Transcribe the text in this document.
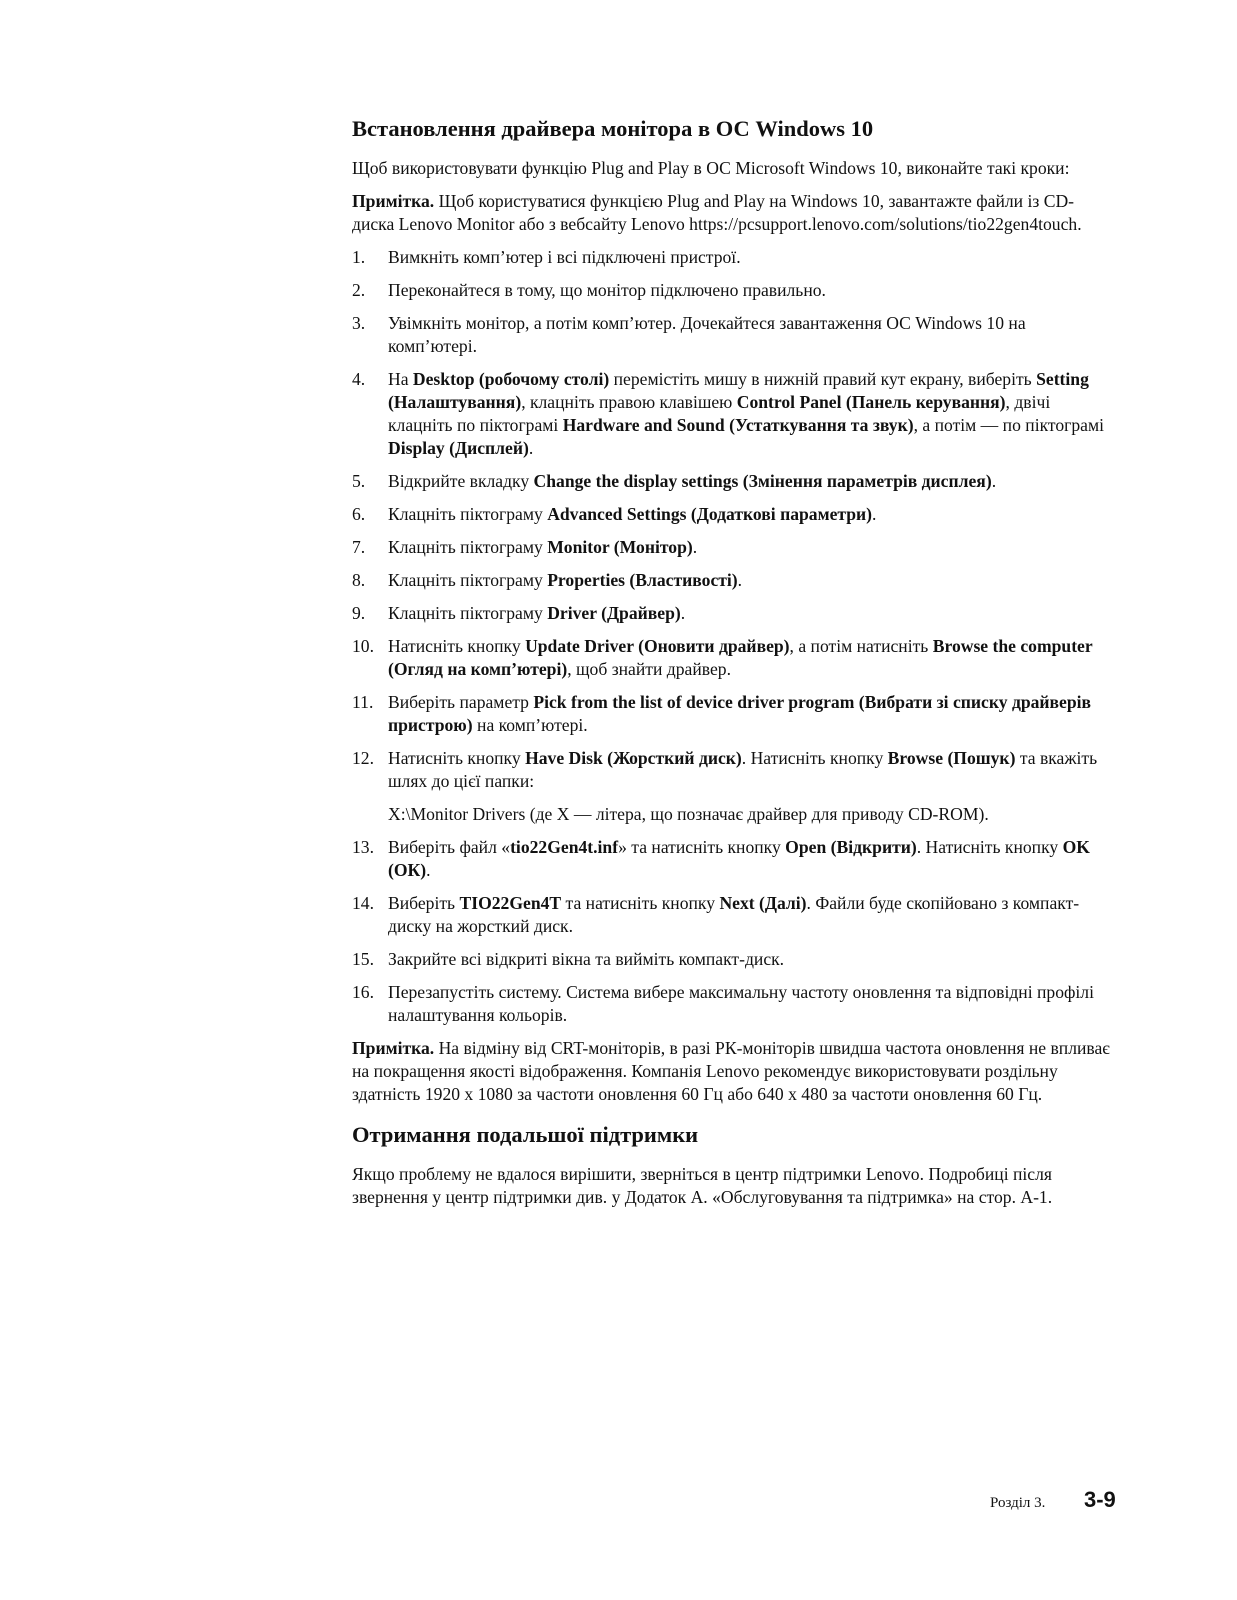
Встановлення драйвера монітора в ОС Windows 10

Щоб використовувати функцію Plug and Play в ОС Microsoft Windows 10, виконайте такі кроки:

Примітка. Щоб користуватися функцією Plug and Play на Windows 10, завантажте файли із CD-диска Lenovo Monitor або з вебсайту Lenovo https://pcsupport.lenovo.com/solutions/tio22gen4touch.

1.	Вимкніть комп’ютер і всі підключені пристрої.
2.	Переконайтеся в тому, що монітор підключено правильно.
3.	Увімкніть монітор, а потім комп’ютер. Дочекайтеся завантаження ОС Windows 10 на комп’ютері.
4.	На Desktop (робочому столі) перемістіть мишу в нижній правий кут екрану, виберіть Setting (Налаштування), клацніть правою клавішею Control Panel (Панель керування), двічі клацніть по піктограмі Hardware and Sound (Устаткування та звук), а потім — по піктограмі Display (Дисплей).
5.	Відкрийте вкладку Change the display settings (Змінення параметрів дисплея).
6.	Клацніть піктограму Advanced Settings (Додаткові параметри).
7.	Клацніть піктограму Monitor (Монітор).
8.	Клацніть піктограму Properties (Властивості).
9.	Клацніть піктограму Driver (Драйвер).
10. Натисніть кнопку Update Driver (Оновити драйвер), а потім натисніть Browse the computer (Огляд на комп’ютері), щоб знайти драйвер.
11. Виберіть параметр Pick from the list of device driver program (Вибрати зі списку драйверів пристрою) на комп’ютері.
12. Натисніть кнопку Have Disk (Жорсткий диск). Натисніть кнопку Browse (Пошук) та вкажіть шлях до цієї папки:
X:\Monitor Drivers (де X — літера, що позначає драйвер для приводу CD-ROM).
13. Виберіть файл «tio22Gen4t.inf» та натисніть кнопку Open (Відкрити). Натисніть кнопку OK (ОК).
14. Виберіть TIO22Gen4T та натисніть кнопку Next (Далі). Файли буде скопійовано з компакт-диску на жорсткий диск.
15. Закрийте всі відкриті вікна та вийміть компакт-диск.
16. Перезапустіть систему. Система вибере максимальну частоту оновлення та відповідні профілі налаштування кольорів.

Примітка. На відміну від CRT-моніторів, в разі РК-моніторів швидша частота оновлення не впливає на покращення якості відображення. Компанія Lenovo рекомендує використовувати роздільну здатність 1920 x 1080 за частоти оновлення 60 Гц або 640 x 480 за частоти оновлення 60 Гц.

Отримання подальшої підтримки

Якщо проблему не вдалося вирішити, зверніться в центр підтримки Lenovo. Подробиці після звернення у центр підтримки див. у Додаток A. «Обслуговування та підтримка» на стор. A-1.

Розділ 3. 3-9
